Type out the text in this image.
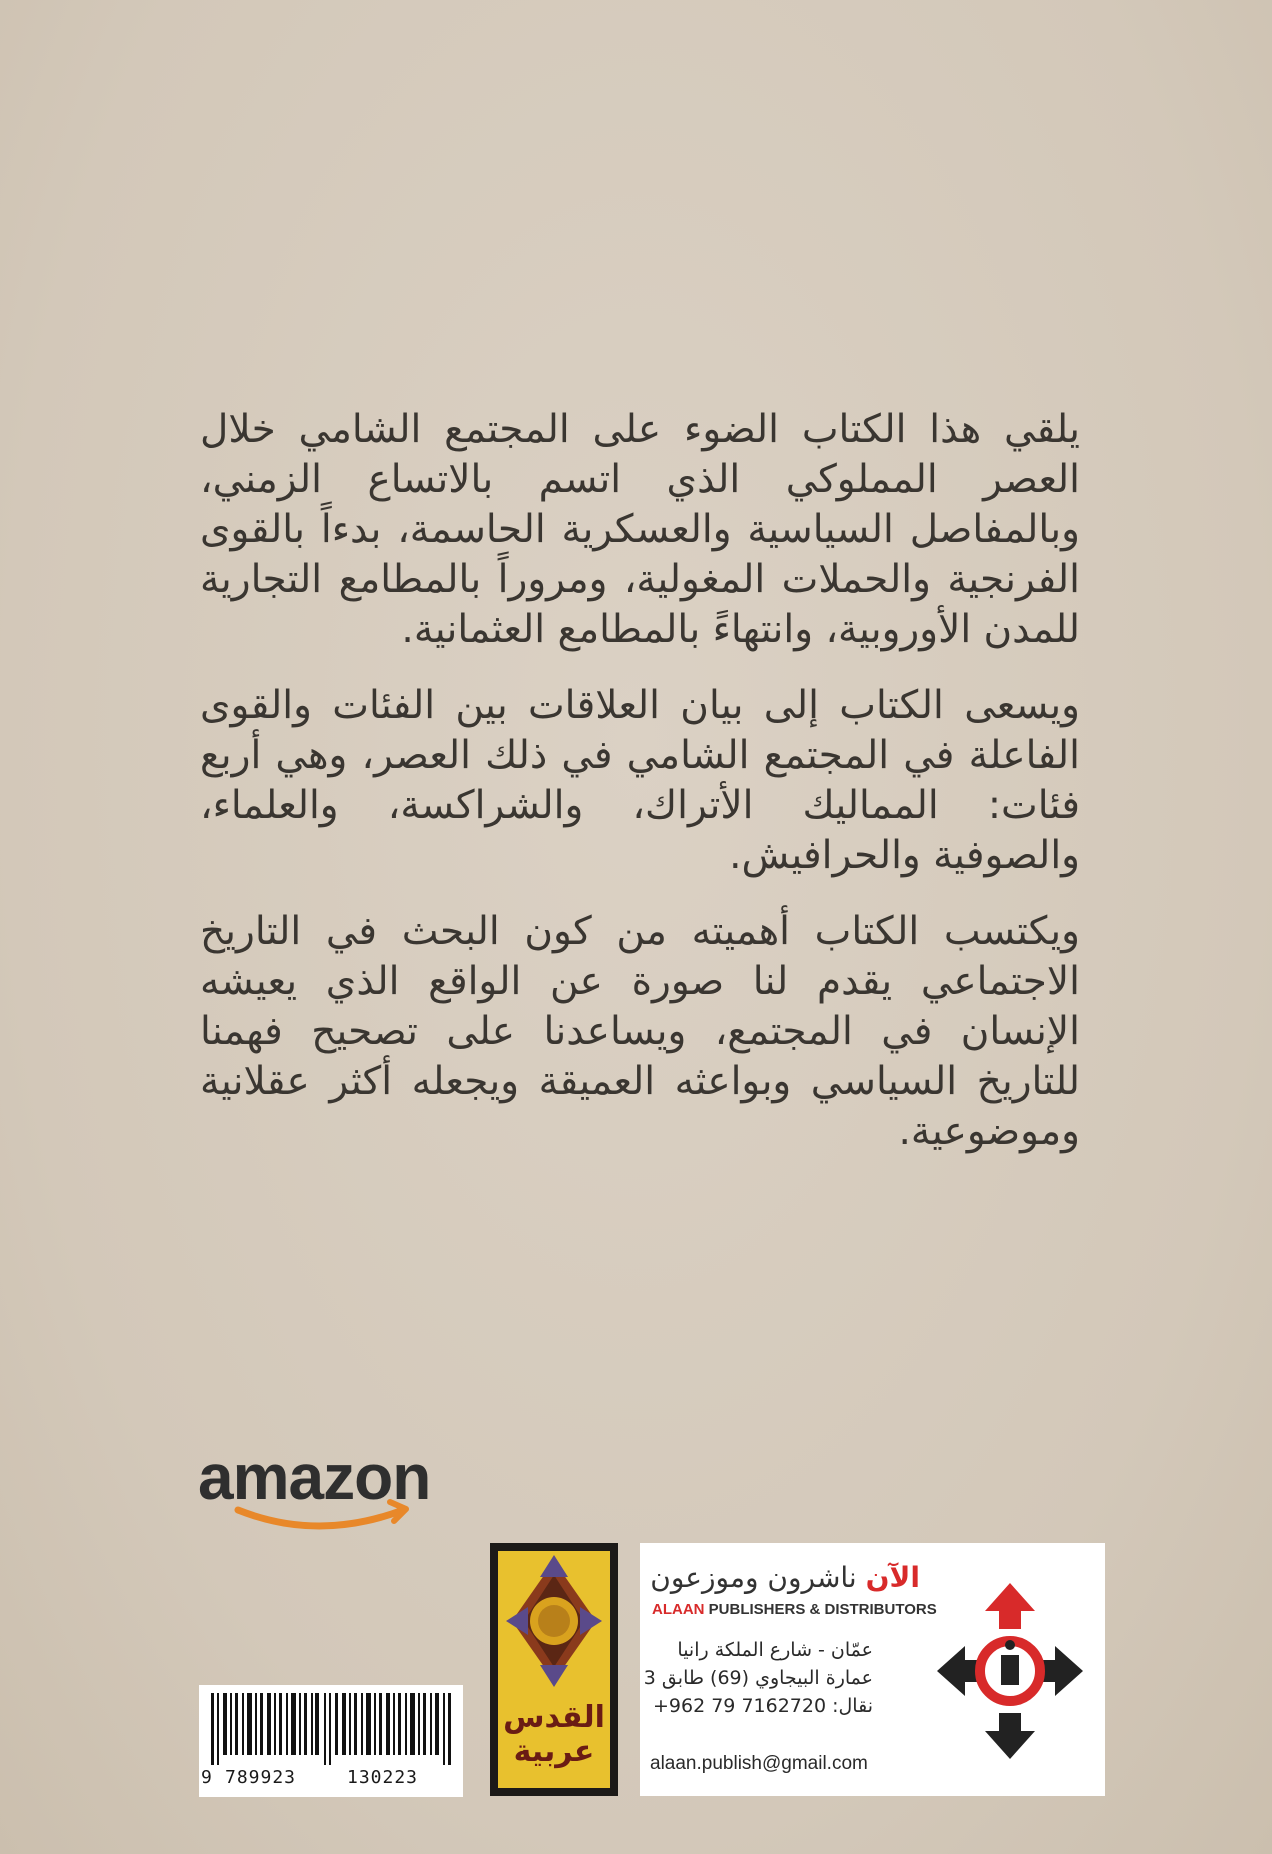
يلقي هذا الكتاب الضوء على المجتمع الشامي خلال العصر المملوكي الذي اتسم بالاتساع الزمني، وبالمفاصل السياسية والعسكرية الحاسمة، بدءاً بالقوى الفرنجية والحملات المغولية، ومروراً بالمطامع التجارية للمدن الأوروبية، وانتهاءً بالمطامع العثمانية.

ويسعى الكتاب إلى بيان العلاقات بين الفئات والقوى الفاعلة في المجتمع الشامي في ذلك العصر، وهي أربع فئات: المماليك الأتراك، والشراكسة، والعلماء، والصوفية والحرافيش.

ويكتسب الكتاب أهميته من كون البحث في التاريخ الاجتماعي يقدم لنا صورة عن الواقع الذي يعيشه الإنسان في المجتمع، ويساعدنا على تصحيح فهمنا للتاريخ السياسي وبواعثه العميقة ويجعله أكثر عقلانية وموضوعية.

amazon
9 789923	130223
القدس عربية
الآن ناشرون وموزعون
ALAAN PUBLISHERS & DISTRIBUTORS
عمّان - شارع الملكة رانيا
عمارة البيجاوي (69) طابق 3
نقال: 7162720 79 962+
alaan.publish@gmail.com
